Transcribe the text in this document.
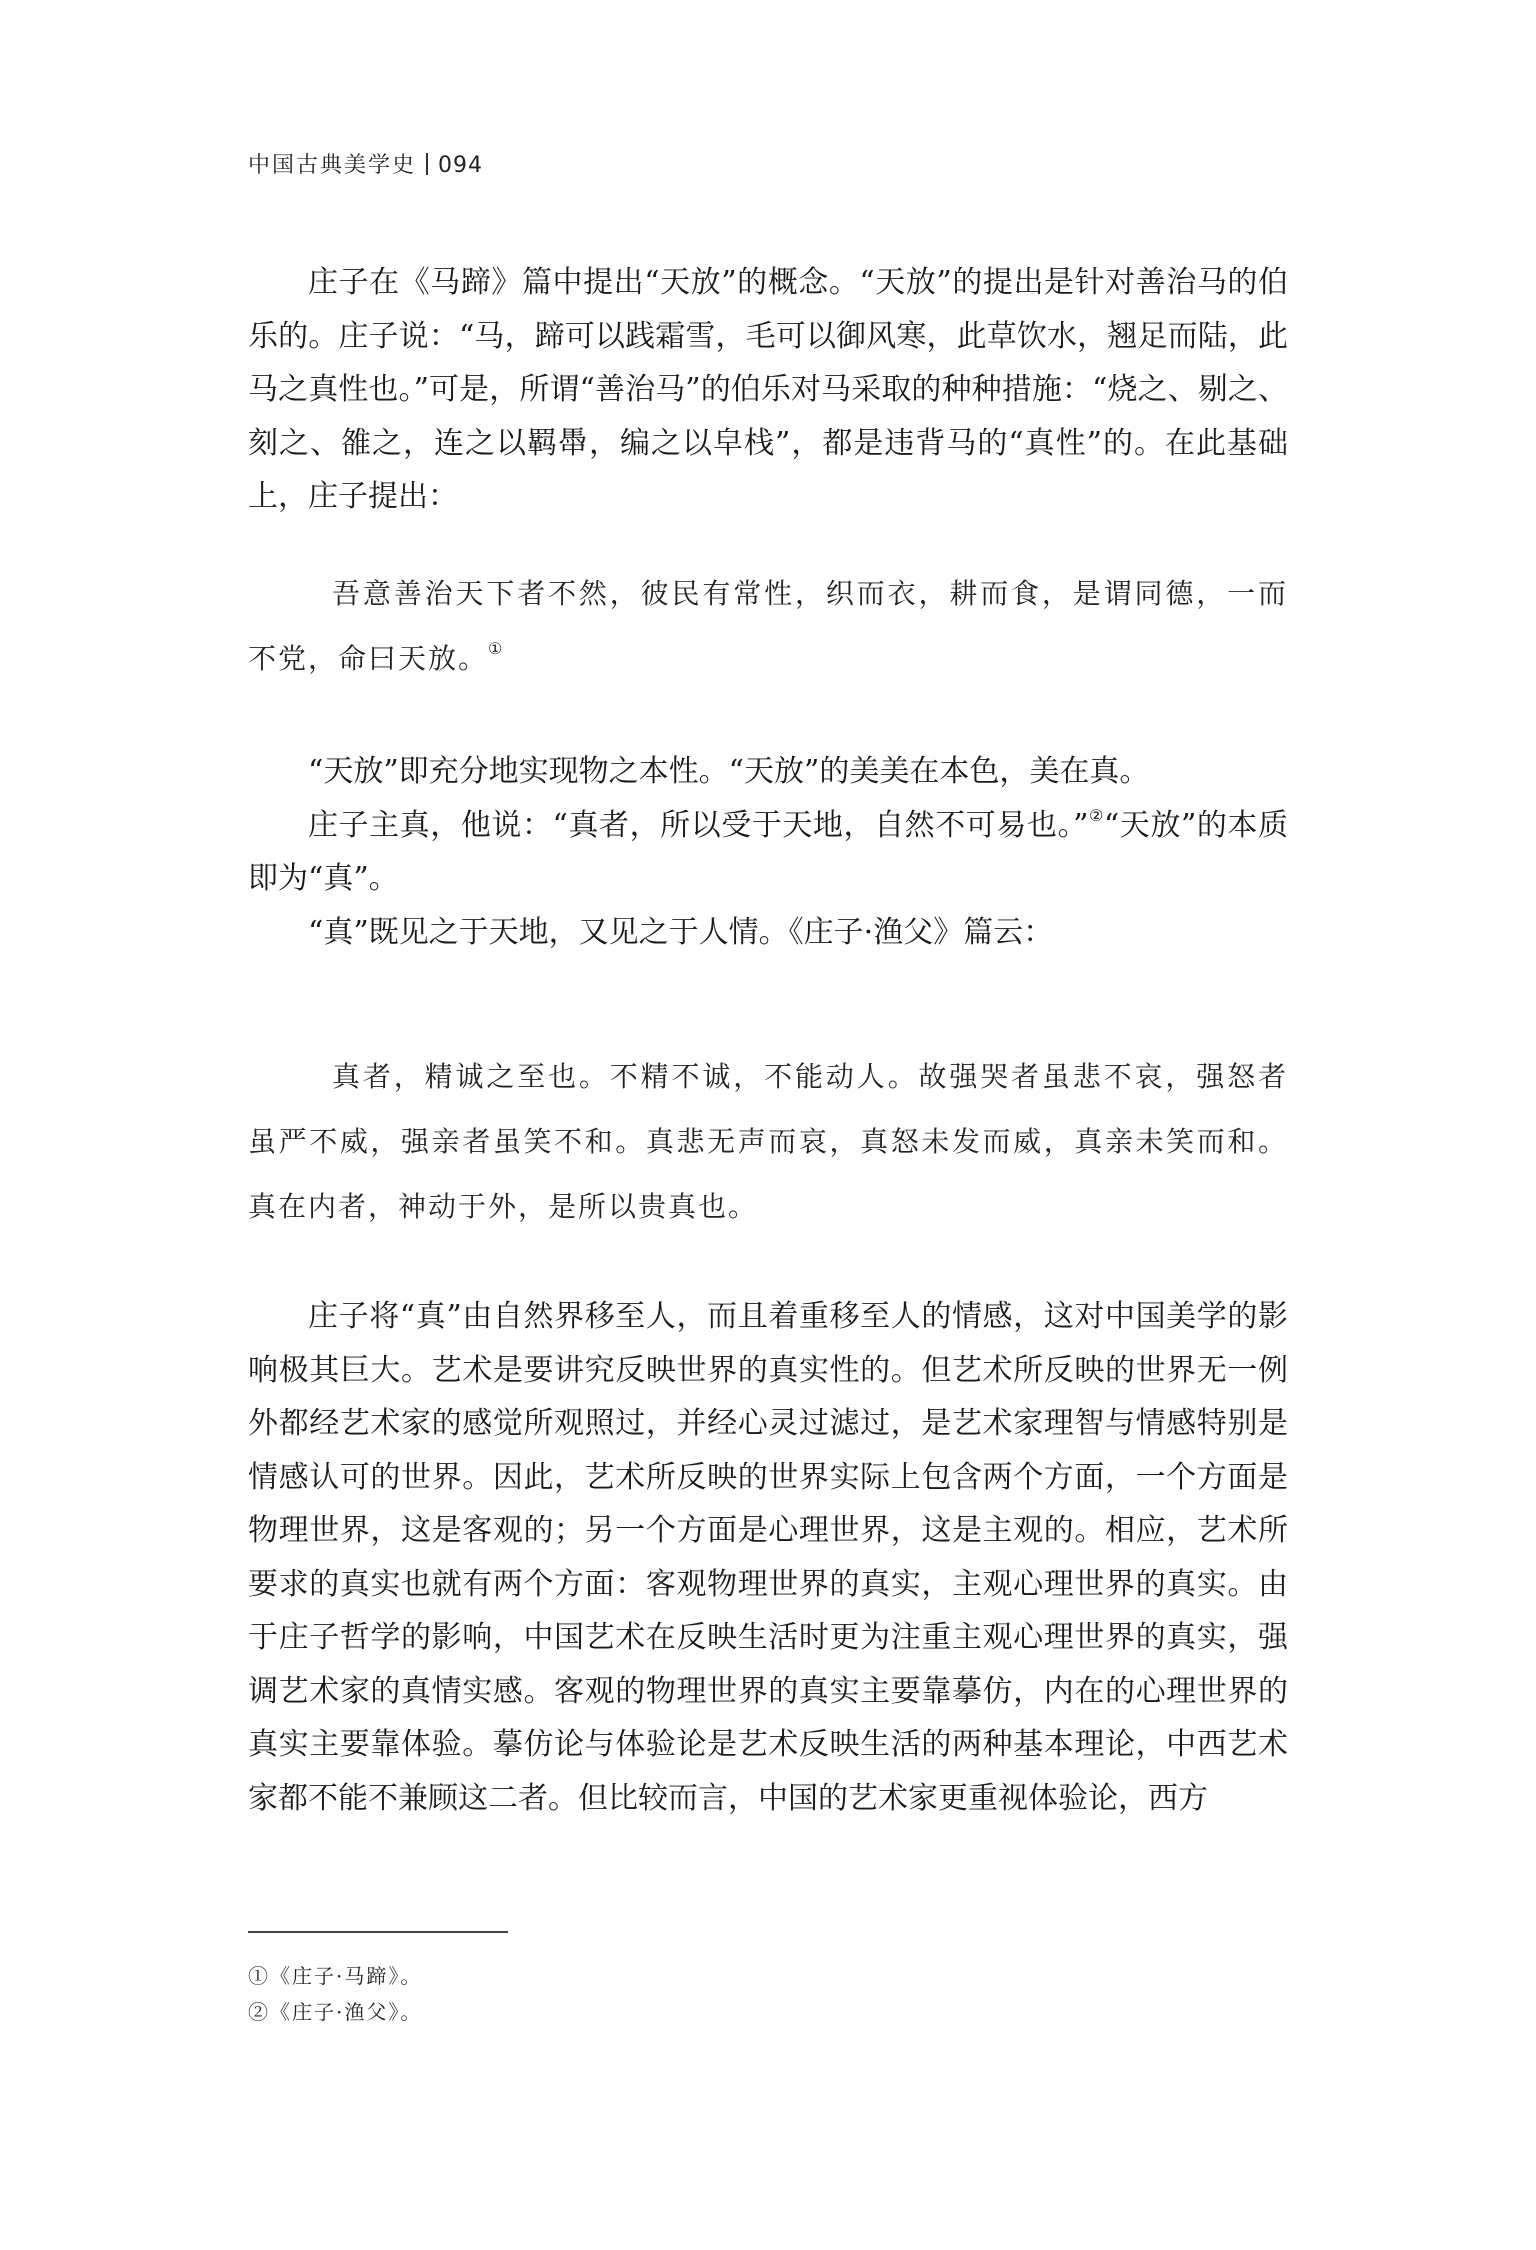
中国古典美学史 094

庄子在《马蹄》篇中提出“天放”的概念。“天放”的提出是针对善治马的伯乐的。庄子说：“马，蹄可以践霜雪，毛可以御风寒，此草饮水，翘足而陆，此马之真性也。”可是，所谓“善治马”的伯乐对马采取的种种措施：“烧之、剔之、刻之、雒之，连之以羁馽，编之以皁栈”，都是违背马的“真性”的。在此基础上，庄子提出：

吾意善治天下者不然，彼民有常性，织而衣，耕而食，是谓同德，一而不党，命曰天放。①

“天放”即充分地实现物之本性。“天放”的美美在本色，美在真。

庄子主真，他说：“真者，所以受于天地，自然不可易也。”②“天放”的本质即为“真”。

“真”既见之于天地，又见之于人情。《庄子·渔父》篇云：

真者，精诚之至也。不精不诚，不能动人。故强哭者虽悲不哀，强怒者虽严不威，强亲者虽笑不和。真悲无声而哀，真怒未发而威，真亲未笑而和。真在内者，神动于外，是所以贵真也。

庄子将“真”由自然界移至人，而且着重移至人的情感，这对中国美学的影响极其巨大。艺术是要讲究反映世界的真实性的。但艺术所反映的世界无一例外都经艺术家的感觉所观照过，并经心灵过滤过，是艺术家理智与情感特别是情感认可的世界。因此，艺术所反映的世界实际上包含两个方面，一个方面是物理世界，这是客观的；另一个方面是心理世界，这是主观的。相应，艺术所要求的真实也就有两个方面：客观物理世界的真实，主观心理世界的真实。由于庄子哲学的影响，中国艺术在反映生活时更为注重主观心理世界的真实，强调艺术家的真情实感。客观的物理世界的真实主要靠摹仿，内在的心理世界的真实主要靠体验。摹仿论与体验论是艺术反映生活的两种基本理论，中西艺术家都不能不兼顾这二者。但比较而言，中国的艺术家更重视体验论，西方

①《庄子·马蹄》。
②《庄子·渔父》。
